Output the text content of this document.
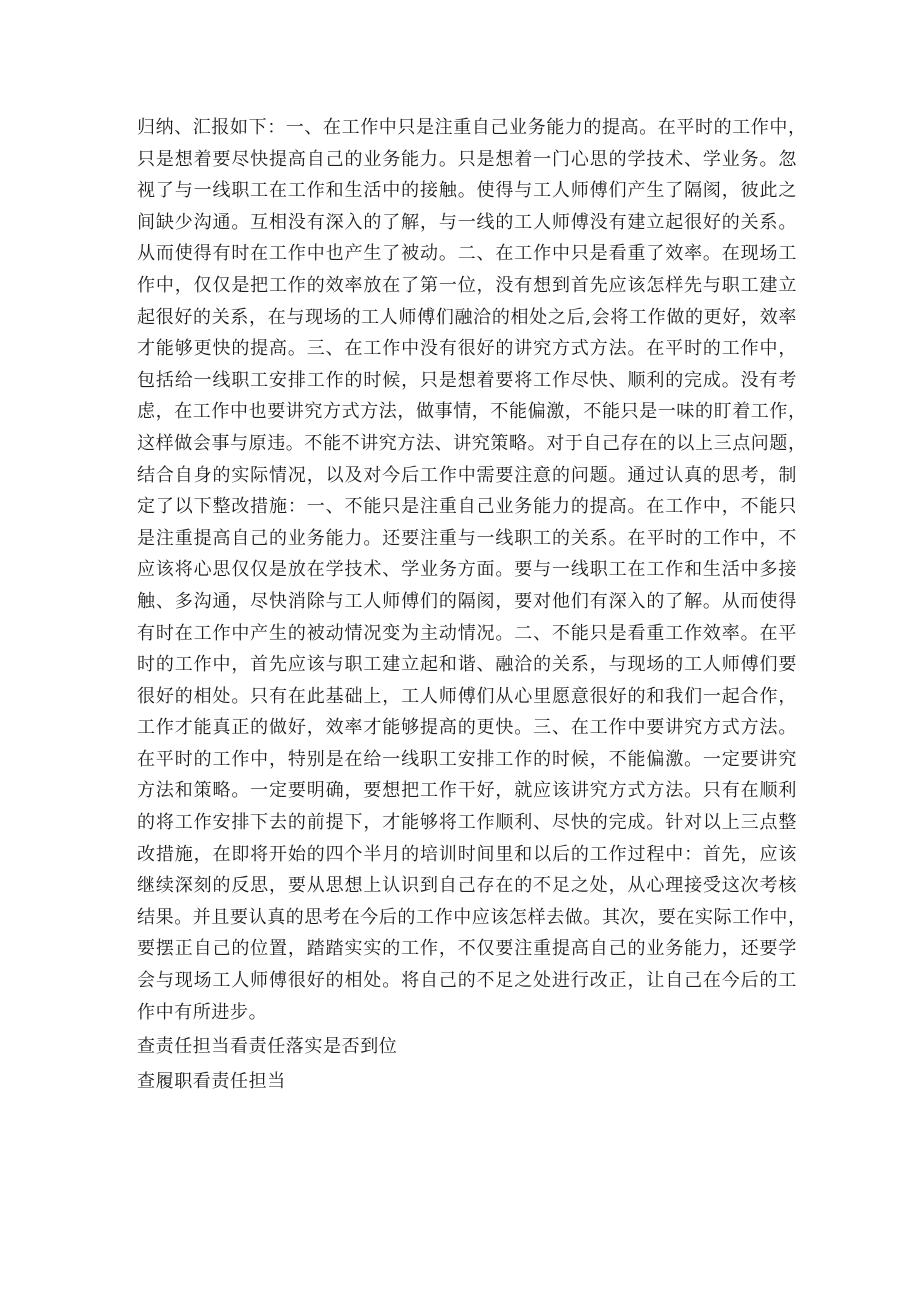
归纳、汇报如下：一、在工作中只是注重自己业务能力的提高。在平时的工作中，
只是想着要尽快提高自己的业务能力。只是想着一门心思的学技术、学业务。忽
视了与一线职工在工作和生活中的接触。使得与工人师傅们产生了隔阂，彼此之
间缺少沟通。互相没有深入的了解，与一线的工人师傅没有建立起很好的关系。
从而使得有时在工作中也产生了被动。二、在工作中只是看重了效率。在现场工
作中，仅仅是把工作的效率放在了第一位，没有想到首先应该怎样先与职工建立
起很好的关系，在与现场的工人师傅们融洽的相处之后,会将工作做的更好，效率
才能够更快的提高。三、在工作中没有很好的讲究方式方法。在平时的工作中，
包括给一线职工安排工作的时候，只是想着要将工作尽快、顺利的完成。没有考
虑，在工作中也要讲究方式方法，做事情，不能偏激，不能只是一味的盯着工作，
这样做会事与原违。不能不讲究方法、讲究策略。对于自己存在的以上三点问题，
结合自身的实际情况，以及对今后工作中需要注意的问题。通过认真的思考，制
定了以下整改措施：一、不能只是注重自己业务能力的提高。在工作中，不能只
是注重提高自己的业务能力。还要注重与一线职工的关系。在平时的工作中，不
应该将心思仅仅是放在学技术、学业务方面。要与一线职工在工作和生活中多接
触、多沟通，尽快消除与工人师傅们的隔阂，要对他们有深入的了解。从而使得
有时在工作中产生的被动情况变为主动情况。二、不能只是看重工作效率。在平
时的工作中，首先应该与职工建立起和谐、融洽的关系，与现场的工人师傅们要
很好的相处。只有在此基础上，工人师傅们从心里愿意很好的和我们一起合作，
工作才能真正的做好，效率才能够提高的更快。三、在工作中要讲究方式方法。
在平时的工作中，特别是在给一线职工安排工作的时候，不能偏激。一定要讲究
方法和策略。一定要明确，要想把工作干好，就应该讲究方式方法。只有在顺利
的将工作安排下去的前提下，才能够将工作顺利、尽快的完成。针对以上三点整
改措施，在即将开始的四个半月的培训时间里和以后的工作过程中：首先，应该
继续深刻的反思，要从思想上认识到自己存在的不足之处，从心理接受这次考核
结果。并且要认真的思考在今后的工作中应该怎样去做。其次，要在实际工作中，
要摆正自己的位置，踏踏实实的工作，不仅要注重提高自己的业务能力，还要学
会与现场工人师傅很好的相处。将自己的不足之处进行改正，让自己在今后的工
作中有所进步。
查责任担当看责任落实是否到位
查履职看责任担当
